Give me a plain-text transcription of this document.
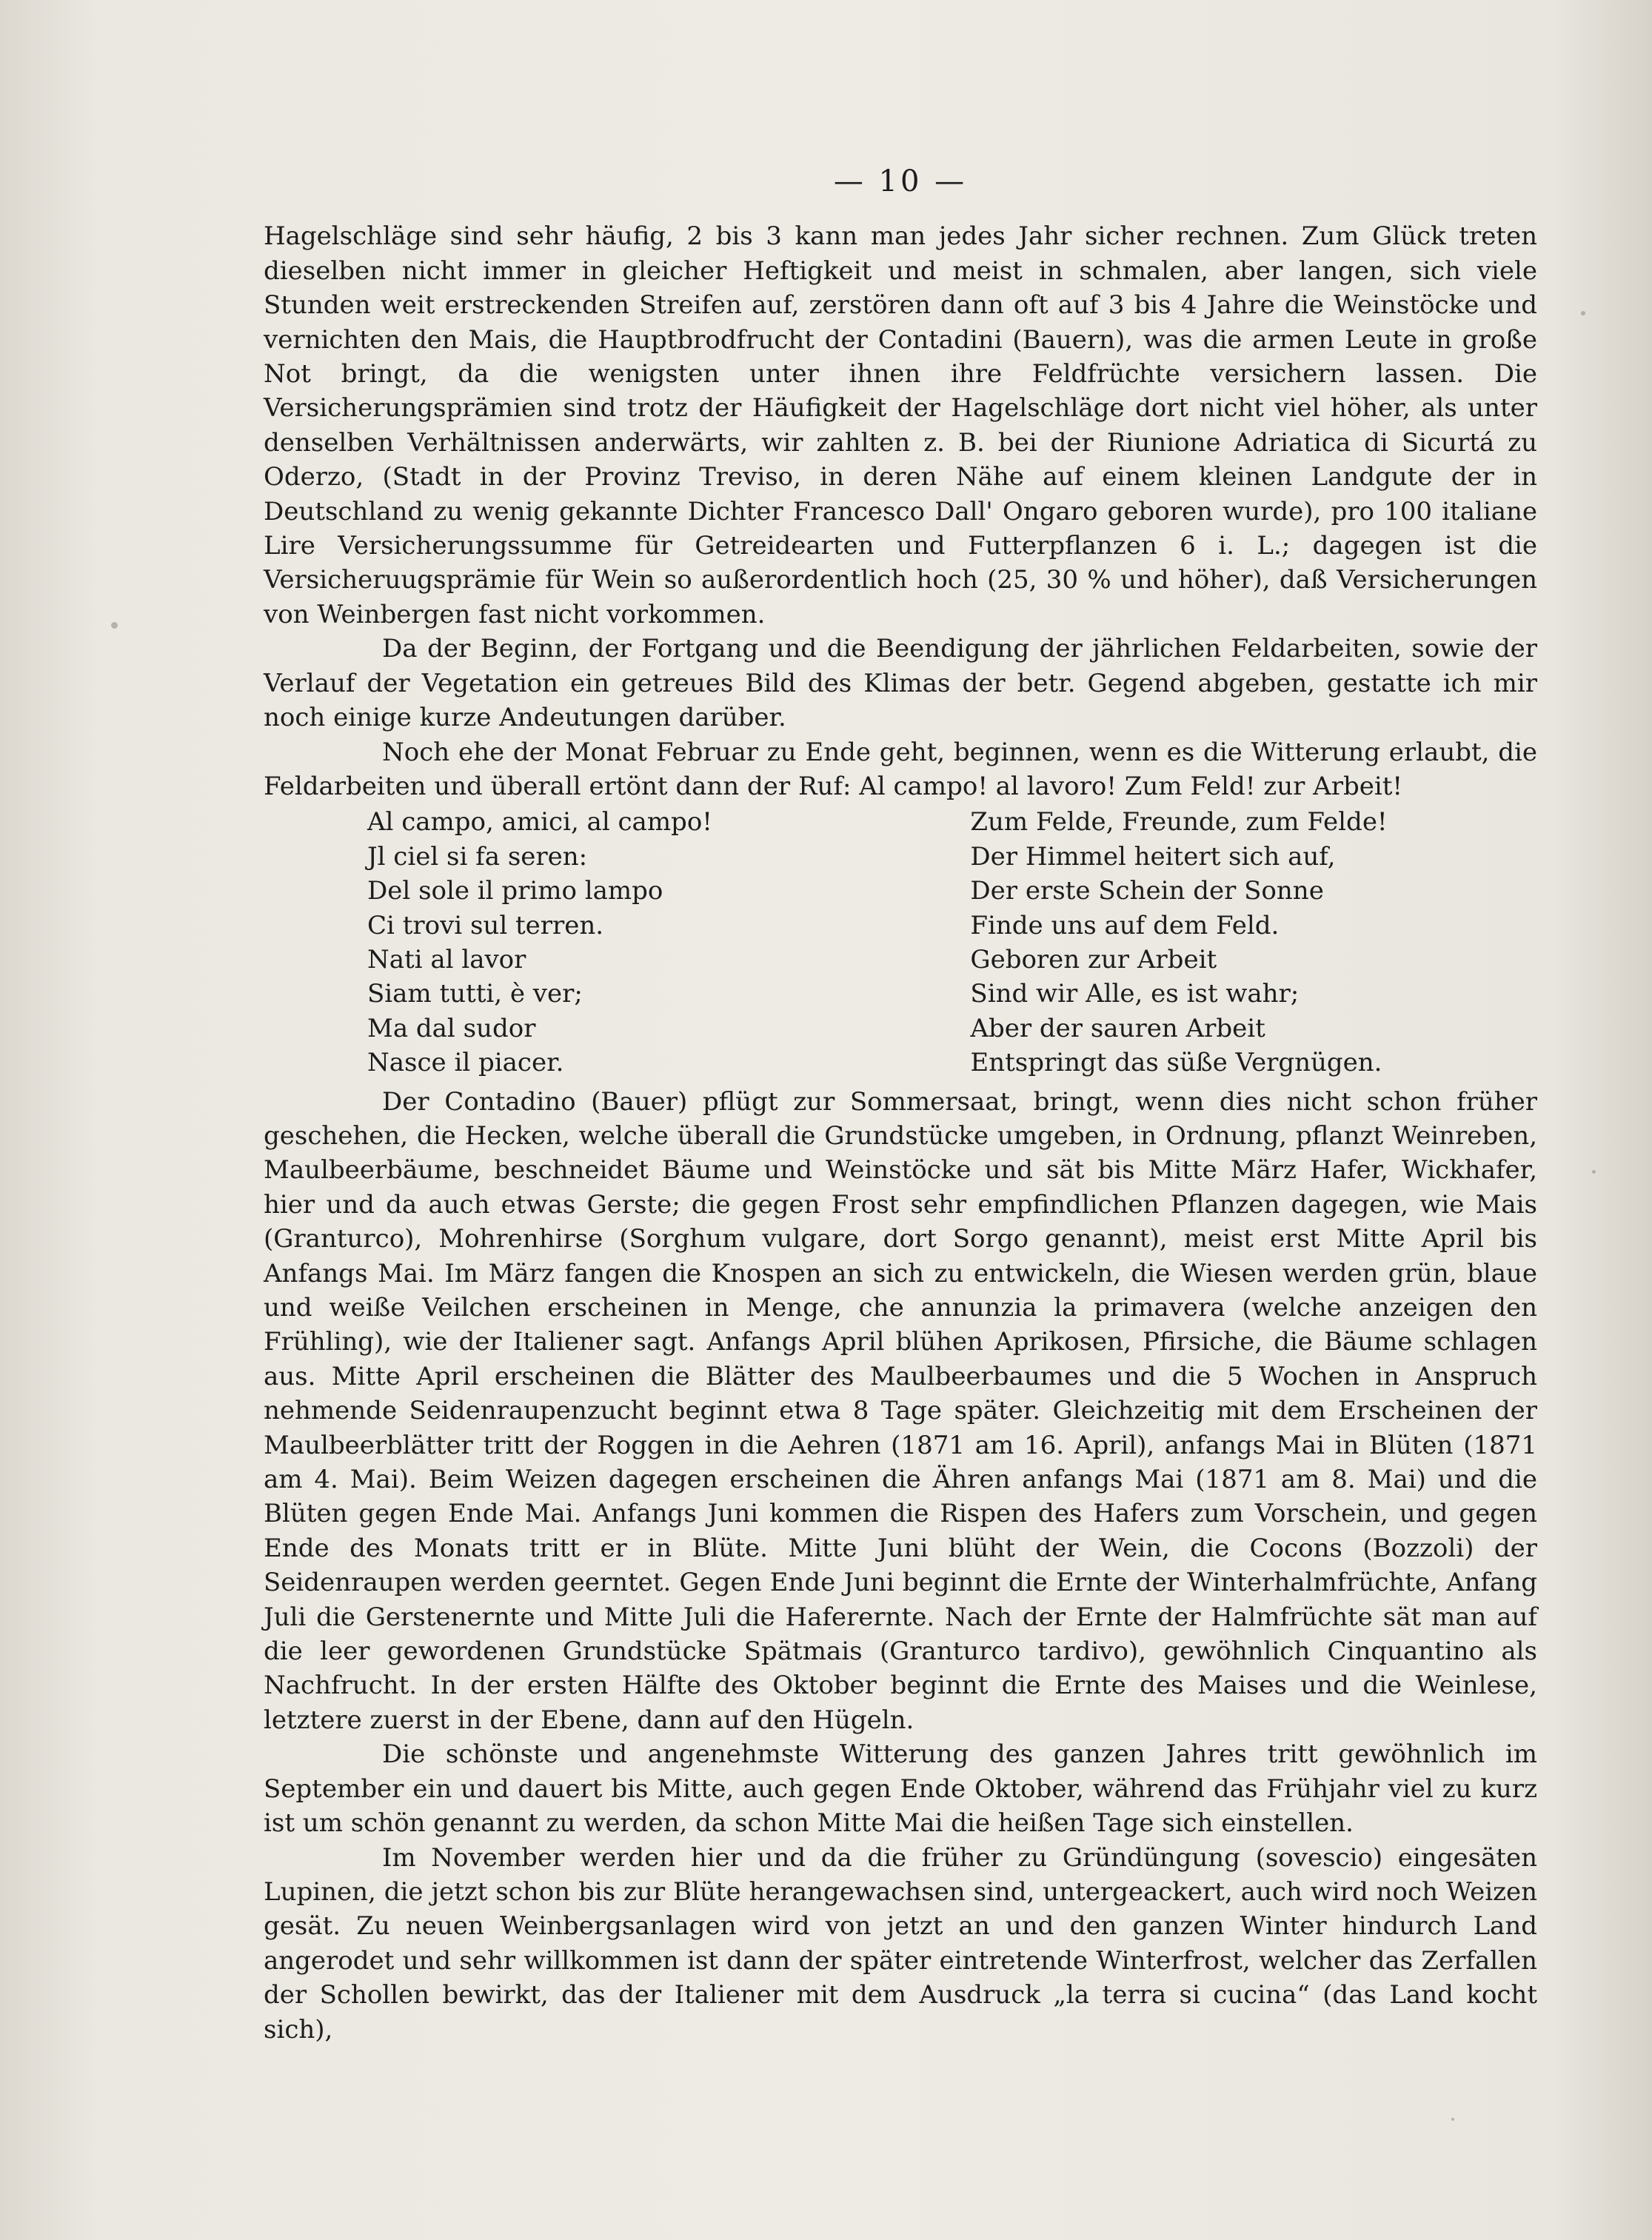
— 10 —

Hagelschläge sind sehr häufig, 2 bis 3 kann man jedes Jahr sicher rechnen. Zum Glück treten dieselben nicht immer in gleicher Heftigkeit und meist in schmalen, aber langen, sich viele Stunden weit erstreckenden Streifen auf, zerstören dann oft auf 3 bis 4 Jahre die Weinstöcke und vernichten den Mais, die Hauptbrodfrucht der Contadini (Bauern), was die armen Leute in große Not bringt, da die wenigsten unter ihnen ihre Feldfrüchte versichern lassen. Die Versicherungsprämien sind trotz der Häufigkeit der Hagelschläge dort nicht viel höher, als unter denselben Verhältnissen anderwärts, wir zahlten z. B. bei der Riunione Adriatica di Sicurtá zu Oderzo, (Stadt in der Provinz Treviso, in deren Nähe auf einem kleinen Landgute der in Deutschland zu wenig gekannte Dichter Francesco Dall' Ongaro geboren wurde), pro 100 italiane Lire Versicherungssumme für Getreidearten und Futterpflanzen 6 i. L.; dagegen ist die Versicheruugsprämie für Wein so außerordentlich hoch (25, 30 % und höher), daß Versicherungen von Weinbergen fast nicht vorkommen.

Da der Beginn, der Fortgang und die Beendigung der jährlichen Feldarbeiten, sowie der Verlauf der Vegetation ein getreues Bild des Klimas der betr. Gegend abgeben, gestatte ich mir noch einige kurze Andeutungen darüber.

Noch ehe der Monat Februar zu Ende geht, beginnen, wenn es die Witterung erlaubt, die Feldarbeiten und überall ertönt dann der Ruf: Al campo! al lavoro! Zum Feld! zur Arbeit!

Al campo, amici, al campo!
Jl ciel si fa seren:
Del sole il primo lampo
Ci trovi sul terren.
Nati al lavor
Siam tutti, è ver;
Ma dal sudor
Nasce il piacer.
Zum Felde, Freunde, zum Felde!
Der Himmel heitert sich auf,
Der erste Schein der Sonne
Finde uns auf dem Feld.
Geboren zur Arbeit
Sind wir Alle, es ist wahr;
Aber der sauren Arbeit
Entspringt das süße Vergnügen.

Der Contadino (Bauer) pflügt zur Sommersaat, bringt, wenn dies nicht schon früher geschehen, die Hecken, welche überall die Grundstücke umgeben, in Ordnung, pflanzt Weinreben, Maulbeerbäume, beschneidet Bäume und Weinstöcke und sät bis Mitte März Hafer, Wickhafer, hier und da auch etwas Gerste; die gegen Frost sehr empfindlichen Pflanzen dagegen, wie Mais (Granturco), Mohrenhirse (Sorghum vulgare, dort Sorgo genannt), meist erst Mitte April bis Anfangs Mai. Im März fangen die Knospen an sich zu entwickeln, die Wiesen werden grün, blaue und weiße Veilchen erscheinen in Menge, che annunzia la primavera (welche anzeigen den Frühling), wie der Italiener sagt. Anfangs April blühen Aprikosen, Pfirsiche, die Bäume schlagen aus. Mitte April erscheinen die Blätter des Maulbeerbaumes und die 5 Wochen in Anspruch nehmende Seidenraupenzucht beginnt etwa 8 Tage später. Gleichzeitig mit dem Erscheinen der Maulbeerblätter tritt der Roggen in die Aehren (1871 am 16. April), anfangs Mai in Blüten (1871 am 4. Mai). Beim Weizen dagegen erscheinen die Ähren anfangs Mai (1871 am 8. Mai) und die Blüten gegen Ende Mai. Anfangs Juni kommen die Rispen des Hafers zum Vorschein, und gegen Ende des Monats tritt er in Blüte. Mitte Juni blüht der Wein, die Cocons (Bozzoli) der Seidenraupen werden geerntet. Gegen Ende Juni beginnt die Ernte der Winterhalmfrüchte, Anfang Juli die Gerstenernte und Mitte Juli die Haferernte. Nach der Ernte der Halmfrüchte sät man auf die leer gewordenen Grundstücke Spätmais (Granturco tardivo), gewöhnlich Cinquantino als Nachfrucht. In der ersten Hälfte des Oktober beginnt die Ernte des Maises und die Weinlese, letztere zuerst in der Ebene, dann auf den Hügeln.

Die schönste und angenehmste Witterung des ganzen Jahres tritt gewöhnlich im September ein und dauert bis Mitte, auch gegen Ende Oktober, während das Frühjahr viel zu kurz ist um schön genannt zu werden, da schon Mitte Mai die heißen Tage sich einstellen.

Im November werden hier und da die früher zu Gründüngung (sovescio) eingesäten Lupinen, die jetzt schon bis zur Blüte herangewachsen sind, untergeackert, auch wird noch Weizen gesät. Zu neuen Weinbergsanlagen wird von jetzt an und den ganzen Winter hindurch Land angerodet und sehr willkommen ist dann der später eintretende Winterfrost, welcher das Zerfallen der Schollen bewirkt, das der Italiener mit dem Ausdruck „la terra si cucina“ (das Land kocht sich),
